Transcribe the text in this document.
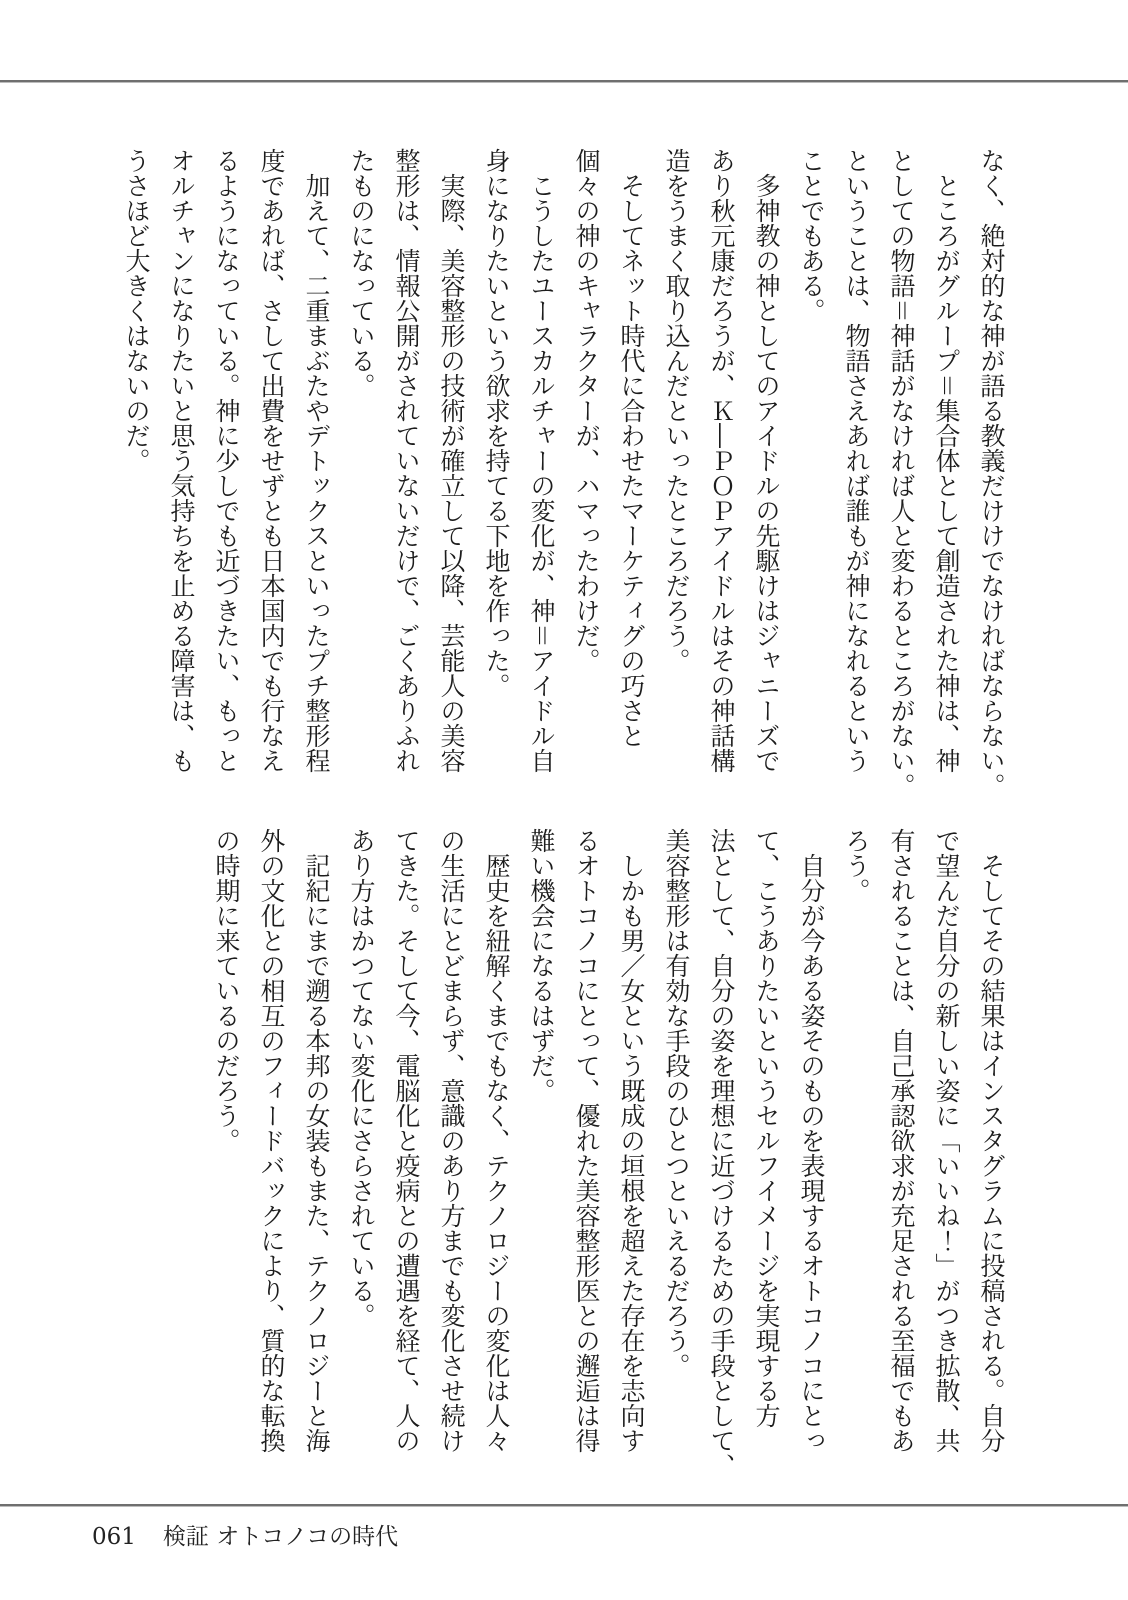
なく、絶対的な神が語る教義だけけでなければならない。
　ところがグループ＝集合体として創造された神は、神
としての物語＝神話がなければ人と変わるところがない。
ということは、物語さえあれば誰もが神になれるという
ことでもある。
　多神教の神としてのアイドルの先駆けはジャニーズで
あり秋元康だろうが、Ｋ―ＰＯＰアイドルはその神話構
造をうまく取り込んだといったところだろう。
　そしてネット時代に合わせたマーケティグの巧さと
個々の神のキャラクターが、ハマったわけだ。
　こうしたユースカルチャーの変化が、神＝アイドル自
身になりたいという欲求を持てる下地を作った。
　実際、美容整形の技術が確立して以降、芸能人の美容
整形は、情報公開がされていないだけで、ごくありふれ
たものになっている。
　加えて、二重まぶたやデトックスといったプチ整形程
度であれば、さして出費をせずとも日本国内でも行なえ
るようになっている。神に少しでも近づきたい、もっと
オルチャンになりたいと思う気持ちを止める障害は、も
うさほど大きくはないのだ。
　そしてその結果はインスタグラムに投稿される。自分
で望んだ自分の新しい姿に「いいね！」がつき拡散、共
有されることは、自己承認欲求が充足される至福でもあ
ろう。
　自分が今ある姿そのものを表現するオトコノコにとっ
て、こうありたいというセルフイメージを実現する方
法として、自分の姿を理想に近づけるための手段として、
美容整形は有効な手段のひとつといえるだろう。
　しかも男／女という既成の垣根を超えた存在を志向す
るオトコノコにとって、優れた美容整形医との邂逅は得
難い機会になるはずだ。
　歴史を紐解くまでもなく、テクノロジーの変化は人々
の生活にとどまらず、意識のあり方までも変化させ続け
てきた。そして今、電脳化と疫病との遭遇を経て、人の
あり方はかつてない変化にさらされている。
　記紀にまで遡る本邦の女装もまた、テクノロジーと海
外の文化との相互のフィードバックにより、質的な転換
の時期に来ているのだろう。
061 検証 オトコノコの時代
